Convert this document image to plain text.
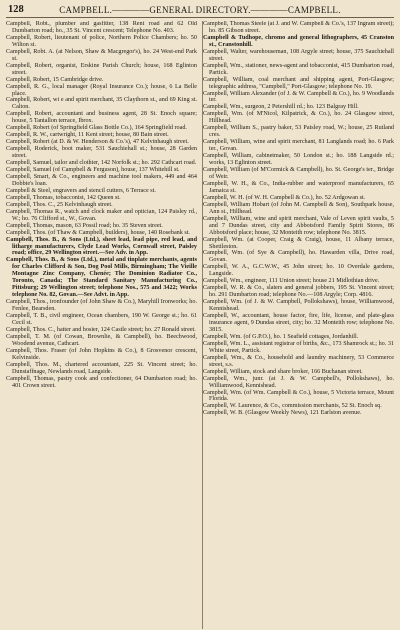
128	CAMPBELL.————GENERAL DIRECTORY.————CAMPBELL.

Campbell, Robt., plumber and gasfitter, 138 Rent road and 62 Old Dumbarton road; ho., 35 St. Vincent crescent; Telephone No. 403.

Campbell, Robert, lieutenant of police, Northern Police Chambers; ho. 50 Wilton st.

Campbell, Robt. A. (at Nelson, Shaw & Macgregor's), ho. 24 West-end Park st.

Campbell, Robert, organist, Erskine Parish Church; house, 168 Eglinton street.

Campbell, Robert, 15 Cambridge drive.

Campbell, R. G., local manager (Royal Insurance Co.); house, 6 La Belle place.

Campbell, Robert, wi e and spirit merchant, 35 Claythorn st., and 69 King st. Calton.

Campbell, Robert, accountant and business agent, 28 St. Enoch square; house, 5 Tantallon terrace, Ibrox.

Campbell, Robert (of Springfield Glass Bottle Co.), 164 Springfield road.

Campbell, R. W., cartwright, 11 Kent street; house, 80 Bain street.

Campbell, Robert (at D. & W. Henderson & Co.'s), 47 Kelvinhaugh street.

Campbell, Roderick, boot maker, 531 Sauchiehall st.; house, 28 Garden street.

Campbell, Samuel, tailor and clothier, 142 Norfolk st.; ho. 292 Cathcart road.

Campbell, Samuel (of Campbell & Ferguson), house, 137 Whitehill st.

Campbell, Smart, & Co., engineers and machine tool makers, 449 and 464 Dobbie's loan.

Campbell & Steel, engravers and stencil cutters, 6 Terrace st.

Campbell, Thomas, tobacconist, 142 Queen st.

Campbell, Thos. C., 25 Kelvinhaugh street.

Campbell, Thomas R., watch and clock maker and optician, 124 Paisley rd., W.; ho. 76 Clifford st., W., Govan.

Campbell, Thomas, mason, 63 Possil road; ho. 35 Steven street.

Campbell, Thos. (of Thaw & Campbell, builders), house, 140 Rosebank st.

Campbell, Thos. B., & Sons (Ltd.), sheet lead, lead pipe, red lead, and litharge manufacturers, Clyde Lead Works, Cornwall street, Paisley road; office, 29 Wellington street.—See Adv. in App.

Campbell, Thos. B., & Sons (Ltd.), metal and tinplate merchants, agents for Charles Clifford & Son, Dog Pool Mills, Birmingham; The Vieille Montagne Zinc Company, Chenée; The Dominion Radiator Co., Toronto, Canada; The Standard Sanitary Manufacturing Co., Pittsburg; 29 Wellington street; telephone Nos., 575 and 3422; Works telephone No. 82, Govan.—See Advt. in App.

Campbell, Thos., ironfounder (of John Shaw & Co.), Maryhill Ironworks; ho. Fenlee, Bearsden.

Campbell, T. B., civil engineer, Ocean chambers, 190 W. George st.; ho. 61 Cecil st.

Campbell, Thos. C., hatter and hosier, 124 Castle street; ho. 27 Ronald street.

Campbell, T. M. (of Cowan, Brownlie, & Campbell), ho. Beechwood, Woodend avenue, Cathcart.

Campbell, Thos. Fraser (of John Hopkins & Co.), 8 Grosvenor crescent, Kelvinside.

Campbell, Thos. M., chartered accountant, 225 St. Vincent street; ho. Dunstaffnage, Newlands road, Langside.

Campbell, Thomas, pastry cook and confectioner, 64 Dumbarton road; ho. 401 Crown street.

Campbell, Thomas Steele (at J. and W. Campbell & Co.'s, 137 Ingram street); ho. 85 Gibson street.

Campbell & Tudhope, chromo and general lithographers, 45 Cranston st., Cranstonhill.

Campbell, Walter, warehouseman, 108 Argyle street; house, 375 Sauchiehall street.

Campbell, Wm., stationer, news-agent and tobacconist, 415 Dumbarton road, Partick.

Campbell, William, coal merchant and shipping agent, Port-Glasgow; telegraphic address, "Campbell," Port-Glasgow; telephone No. 19.

Campbell, William Alexander (of J. & W. Campbell & Co.), ho. 9 Woodlands ter.

Campbell, Wm., surgeon, 2 Petershill rd.; ho. 123 Balgray Hill.

Campbell, Wm. (of M'Nicol, Kilpatrick, & Co.), ho. 24 Glasgow street, Hillhead.

Campbell, William S., pastry baker, 53 Paisley road, W.; house, 25 Rutland cres.

Campbell, William, wine and spirit merchant, 81 Langlands road; ho. 6 Park ter., Govan.

Campbell, William, cabinetmaker, 50 London st.; ho. 188 Langside rd.; works, 13 Eglinton street.

Campbell, William (of M'Cormick & Campbell), ho. St. George's ter., Bridge of Weir.

Campbell, W. H., & Co., India-rubber and waterproof manufacturers, 65 Jamaica st.

Campbell, W. H. (of W. H. Campbell & Co.), ho. 52 Ardgowan st.

Campbell, William Hobart (of John M. Campbell & Son), Southpark house, Ann st., Hillhead.

Campbell, William, wine and spirit merchant, Vale of Leven spirit vaults, 5 and 7 Dundas street, city and Abbotsford Family Spirit Stores, 86 Abbotsford place; house, 32 Monteith row; telephone No. 3815.

Campbell, Wm. (at Cooper, Craig & Craig), house, 11 Albany terrace, Shettleston.

Campbell, Wm. (of Sye & Campbell), ho. Hawarden villa, Drive road, Govan.

Campbell, W. A., G.C.W.W., 45 John street; ho. 10 Overdale gardens, Langside.

Campbell, Wm., engineer, 111 Union street; house 21 Midlothian drive.

Campbell, W. R. & Co., slaters and general jobbers, 195 St. Vincent street; ho. 291 Dumbarton road; telephone No.—108 Argyle; Corp. 4816.

Campbell, Wm. (of J. & W. Campbell, Pollokshaws), house, Williamwood, Kennishead.

Campbell, W., accountant, house factor, fire, life, license, and plate-glass insurance agent, 9 Dundas street, city; ho. 32 Monteith row; telephone No. 3815.

Campbell, Wm. (of G.P.O.), ho. 1 Seafield cottages, Jordanhill.

Campbell, Wm. L., assistant registrar of births, &c., 173 Shamrock st.; ho. 31 White street, Partick.

Campbell, Wm., & Co., household and laundry machinery, 53 Commerce street, s.s.

Campbell, William, stock and share broker, 166 Buchanan street.

Campbell, Wm., junr. (at J. & W. Campbell's, Pollokshaws), ho. Williamwood, Kennishead.

Campbell, Wm. (of Wm. Campbell & Co.), house, 5 Victoria terrace, Mount Florida.

Campbell, W. Laurence, & Co., commission merchants, 52 St. Enoch sq.

Campbell, W. B. (Glasgow Weekly News), 121 Earlston avenue.
